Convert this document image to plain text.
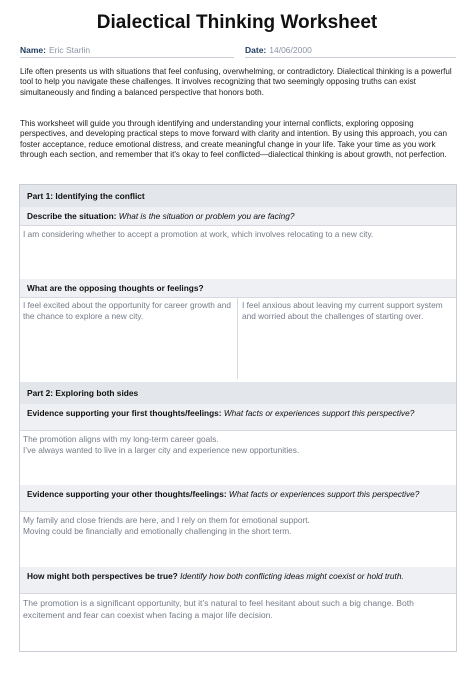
Dialectical Thinking Worksheet
Name: Eric Starlin	Date: 14/06/2000
Life often presents us with situations that feel confusing, overwhelming, or contradictory. Dialectical thinking is a powerful tool to help you navigate these challenges. It involves recognizing that two seemingly opposing truths can exist simultaneously and finding a balanced perspective that honors both.
This worksheet will guide you through identifying and understanding your internal conflicts, exploring opposing perspectives, and developing practical steps to move forward with clarity and intention. By using this approach, you can foster acceptance, reduce emotional distress, and create meaningful change in your life. Take your time as you work through each section, and remember that it's okay to feel conflicted—dialectical thinking is about growth, not perfection.
Part 1: Identifying the conflict
Describe the situation: What is the situation or problem you are facing?

I am considering whether to accept a promotion at work, which involves relocating to a new city.

What are the opposing thoughts or feelings?
I feel excited about the opportunity for career growth and the chance to explore a new city.
I feel anxious about leaving my current support system and worried about the challenges of starting over.
Part 2: Exploring both sides
Evidence supporting your first thoughts/feelings: What facts or experiences support this perspective?

The promotion aligns with my long-term career goals.

I’ve always wanted to live in a larger city and experience new opportunities.

Evidence supporting your other thoughts/feelings: What facts or experiences support this perspective?

My family and close friends are here, and I rely on them for emotional support.

Moving could be financially and emotionally challenging in the short term.

How might both perspectives be true? Identify how both conflicting ideas might coexist or hold truth.

The promotion is a significant opportunity, but it’s natural to feel hesitant about such a big change. Both excitement and fear can coexist when facing a major life decision.
